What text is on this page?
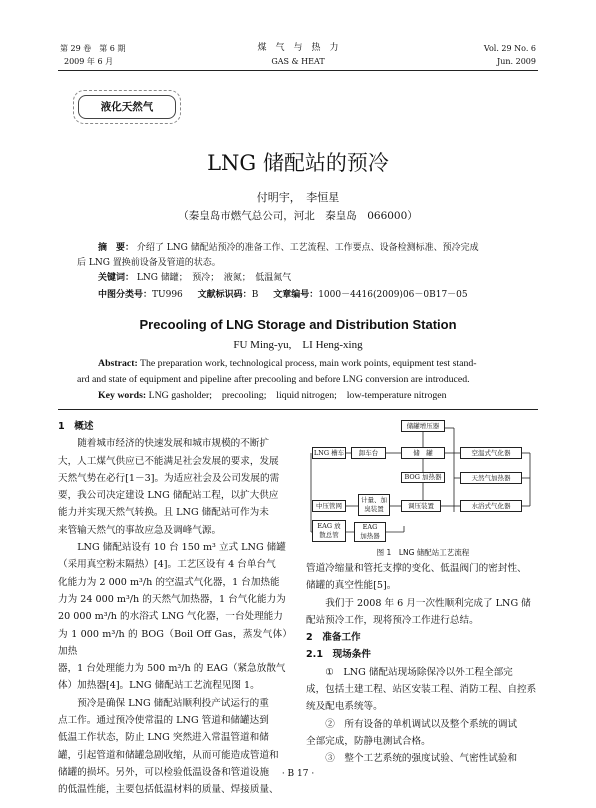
第 29 卷　第 6 期
2009 年 6 月
煤　气　与　热　力
GAS & HEAT
Vol. 29 No. 6
Jun. 2009
液化天然气
LNG 储配站的预冷
付明宇，　李恒星
（秦皇岛市燃气总公司，河北　秦皇岛　066000）
摘　要： 介绍了 LNG 储配站预冷的准备工作、工艺流程、工作要点、设备检测标准、预冷完成
后 LNG 置换前设备及管道的状态。
关键词： LNG 储罐；　预冷；　液氮；　低温氮气
中图分类号：TU996 文献标识码：B 文章编号：1000－4416(2009)06－0B17－05
Precooling of LNG Storage and Distribution Station
FU Ming-yu,　LI Heng-xing
Abstract: The preparation work, technological process, main work points, equipment test stand-
ard and state of equipment and pipeline after precooling and before LNG conversion are introduced.
Key words: LNG gasholder;　precooling;　liquid nitrogen;　low-temperature nitrogen
1　概述

随着城市经济的快速发展和城市规模的不断扩

大，人工煤气供应已不能满足社会发展的要求，发展
天然气势在必行[1－3]。为适应社会及公司发展的需
要，我公司决定建设 LNG 储配站工程，以扩大供应
能力并实现天然气转换。且 LNG 储配站可作为未
来管输天然气的事故应急及调峰气源。

LNG 储配站设有 10 台 150 m³ 立式 LNG 储罐

（采用真空粉末隔热）[4]。工艺区设有 4 台单台气
化能力为 2 000 m³/h 的空温式气化器，1 台加热能
力为 24 000 m³/h 的天然气加热器，1 台气化能力为
20 000 m³/h 的水浴式 LNG 气化器，一台处理能力
为 1 000 m³/h 的 BOG（Boil Off Gas，蒸发气体）加热
器，1 台处理能力为 500 m³/h 的 EAG（紧急放散气
体）加热器[4]。LNG 储配站工艺流程见图 1。

预冷是确保 LNG 储配站顺利投产试运行的重

点工作。通过预冷使常温的 LNG 管道和储罐达到
低温工作状态，防止 LNG 突然进入常温管道和储
罐，引起管道和储罐急剧收缩，从而可能造成管道和
储罐的损坏。另外，可以检验低温设备和管道设施
的低温性能，主要包括低温材料的质量、焊接质量、
储罐增压器
LNG 槽车	卸车台	储　罐	空温式气化器
BOG 加热器	天然气加热器
中压管网
计量、加
臭装置	调压装置	水浴式气化器
EAG 放
散总管
EAG
加热器
图 1　LNG 储配站工艺流程
管道冷缩量和管托支撑的变化、低温阀门的密封性、
储罐的真空性能[5]。

我们于 2008 年 6 月一次性顺利完成了 LNG 储

配站预冷工作，现将预冷工作进行总结。
2　准备工作
2.1　现场条件

①　LNG 储配站现场除保冷以外工程全部完

成，包括土建工程、站区安装工程、消防工程、自控系
统及配电系统等。

②　所有设备的单机调试以及整个系统的调试

全部完成，防静电测试合格。

③　整个工艺系统的强度试验、气密性试验和

· B 17 ·
